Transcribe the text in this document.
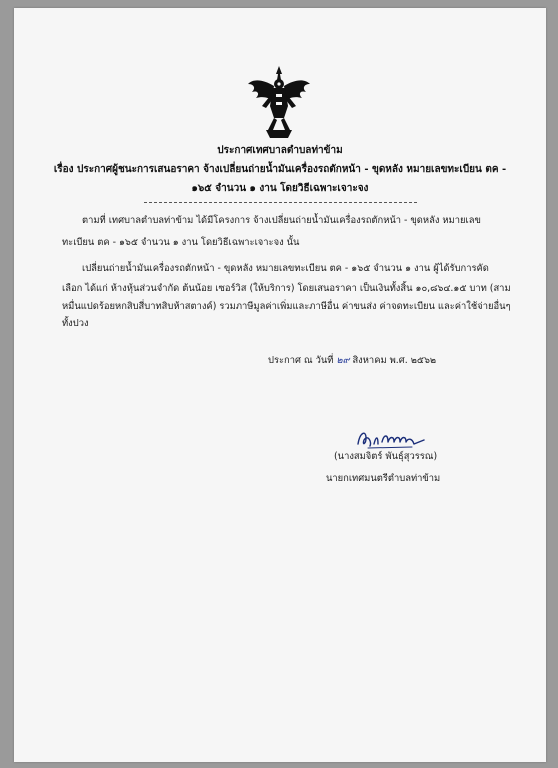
ประกาศเทศบาลตำบลท่าข้าม
เรื่อง ประกาศผู้ชนะการเสนอราคา จ้างเปลี่ยนถ่ายน้ำมันเครื่องรถตักหน้า - ขุดหลัง หมายเลขทะเบียน ตค -
๑๖๕ จำนวน ๑ งาน โดยวิธีเฉพาะเจาะจง
ตามที่ เทศบาลตำบลท่าข้าม ได้มีโครงการ จ้างเปลี่ยนถ่ายน้ำมันเครื่องรถตักหน้า - ขุดหลัง หมายเลข
ทะเบียน ตค - ๑๖๕ จำนวน ๑ งาน โดยวิธีเฉพาะเจาะจง นั้น
เปลี่ยนถ่ายน้ำมันเครื่องรถตักหน้า - ขุดหลัง หมายเลขทะเบียน ตค - ๑๖๕ จำนวน ๑ งาน ผู้ได้รับการคัด
เลือก ได้แก่ ห้างหุ้นส่วนจำกัด ต้นน้อย เซอร์วิส (ให้บริการ) โดยเสนอราคา เป็นเงินทั้งสิ้น ๑๐,๘๖๔.๑๕ บาท (สาม
หมื่นแปดร้อยหกสิบสี่บาทสิบห้าสตางค์) รวมภาษีมูลค่าเพิ่มและภาษีอื่น ค่าขนส่ง ค่าจดทะเบียน และค่าใช้จ่ายอื่นๆ
ทั้งปวง
ประกาศ ณ วันที่ ๒๙ สิงหาคม พ.ศ. ๒๕๖๒
(นางสมจิตร์ พันธุ์สุวรรณ)
นายกเทศมนตรีตำบลท่าข้าม
